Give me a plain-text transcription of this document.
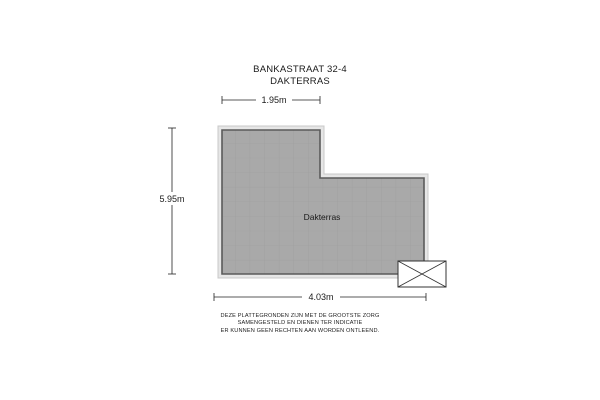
BANKASTRAAT 32-4
DAKTERRAS
Dakterras
1.95m
5.95m
4.03m
DEZE PLATTEGRONDEN ZIJN MET DE GROOTSTE ZORG
SAMENGESTELD EN DIENEN TER INDICATIE
ER KUNNEN GEEN RECHTEN AAN WORDEN ONTLEEND.
